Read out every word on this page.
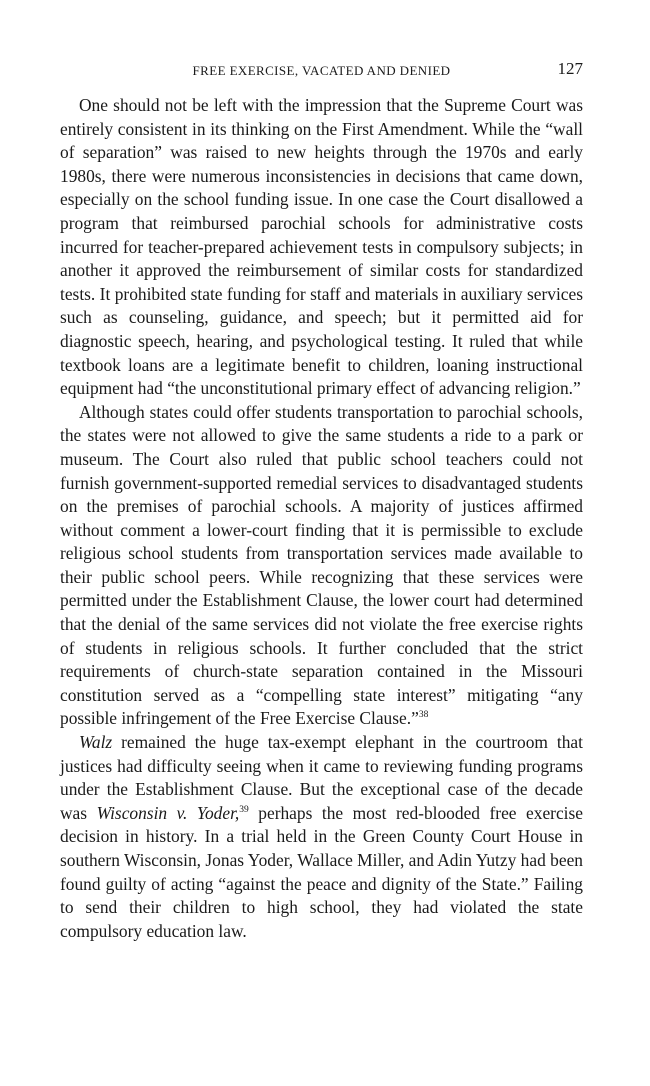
FREE EXERCISE, VACATED AND DENIED	127

One should not be left with the impression that the Supreme Court was entirely consistent in its thinking on the First Amendment. While the “wall of separation” was raised to new heights through the 1970s and early 1980s, there were numerous inconsistencies in decisions that came down, especially on the school funding issue. In one case the Court disallowed a program that reimbursed parochial schools for administrative costs incurred for teacher-prepared achievement tests in compulsory subjects; in another it approved the reimbursement of similar costs for standardized tests. It prohibited state funding for staff and materials in auxiliary services such as counseling, guidance, and speech; but it permitted aid for diagnostic speech, hearing, and psychological testing. It ruled that while textbook loans are a legitimate benefit to children, loaning instructional equipment had “the unconstitutional primary effect of advancing religion.”

Although states could offer students transportation to parochial schools, the states were not allowed to give the same students a ride to a park or museum. The Court also ruled that public school teachers could not furnish government-supported remedial services to disadvantaged students on the premises of parochial schools. A majority of justices affirmed without comment a lower-court finding that it is permissible to exclude religious school students from transportation services made available to their public school peers. While recognizing that these services were permitted under the Establishment Clause, the lower court had determined that the denial of the same services did not violate the free exercise rights of students in religious schools. It further concluded that the strict requirements of church-state separation contained in the Missouri constitution served as a “compelling state interest” mitigating “any possible infringement of the Free Exercise Clause.”$^{38}$

Walz remained the huge tax-exempt elephant in the courtroom that justices had difficulty seeing when it came to reviewing funding programs under the Establishment Clause. But the exceptional case of the decade was Wisconsin v. Yoder,$^{39}$ perhaps the most red-blooded free exercise decision in history. In a trial held in the Green County Court House in southern Wisconsin, Jonas Yoder, Wallace Miller, and Adin Yutzy had been found guilty of acting “against the peace and dignity of the State.” Failing to send their children to high school, they had violated the state compulsory education law.
